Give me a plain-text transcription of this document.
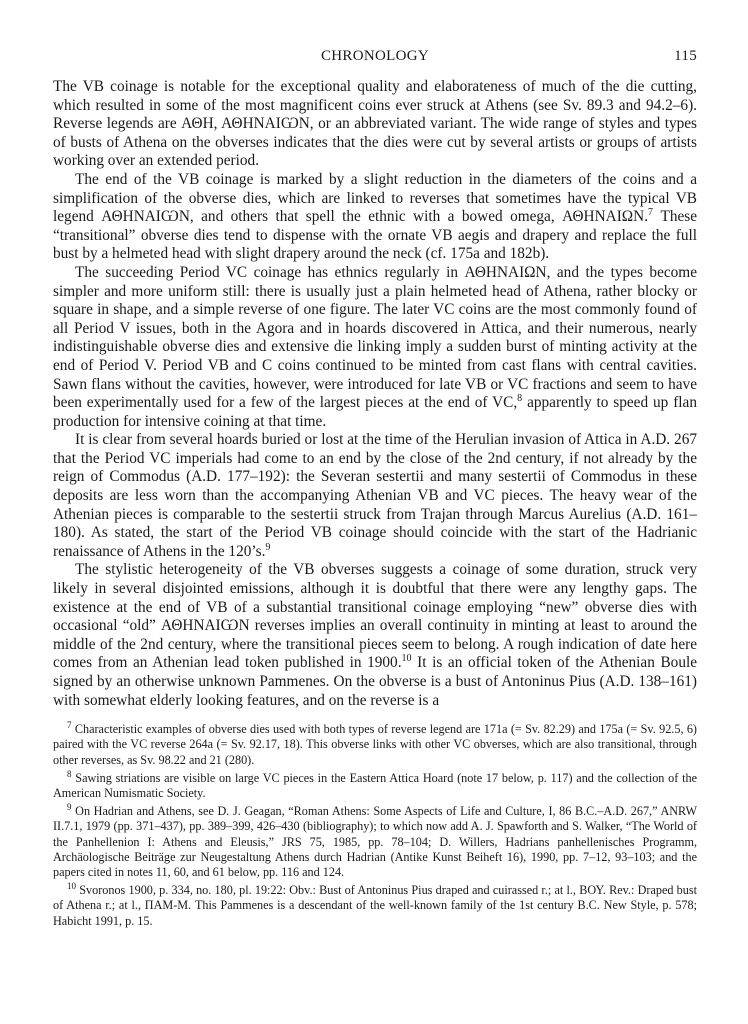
CHRONOLOGY	115

The VB coinage is notable for the exceptional quality and elaborateness of much of the die cutting, which resulted in some of the most magnificent coins ever struck at Athens (see Sv. 89.3 and 94.2–6). Reverse legends are ΑΘΗ, ΑΘΗΝΑΙѠΝ, or an abbreviated variant. The wide range of styles and types of busts of Athena on the obverses indicates that the dies were cut by several artists or groups of artists working over an extended period.

The end of the VB coinage is marked by a slight reduction in the diameters of the coins and a simplification of the obverse dies, which are linked to reverses that sometimes have the typical VB legend ΑΘΗΝΑΙѠΝ, and others that spell the ethnic with a bowed omega, ΑΘΗΝΑΙΩΝ.$^7$ These “transitional” obverse dies tend to dispense with the ornate VB aegis and drapery and replace the full bust by a helmeted head with slight drapery around the neck (cf. 175a and 182b).

The succeeding Period VC coinage has ethnics regularly in ΑΘΗΝΑΙΩΝ, and the types become simpler and more uniform still: there is usually just a plain helmeted head of Athena, rather blocky or square in shape, and a simple reverse of one figure. The later VC coins are the most commonly found of all Period V issues, both in the Agora and in hoards discovered in Attica, and their numerous, nearly indistinguishable obverse dies and extensive die linking imply a sudden burst of minting activity at the end of Period V. Period VB and C coins continued to be minted from cast flans with central cavities. Sawn flans without the cavities, however, were introduced for late VB or VC fractions and seem to have been experimentally used for a few of the largest pieces at the end of VC,$^8$ apparently to speed up flan production for intensive coining at that time.

It is clear from several hoards buried or lost at the time of the Herulian invasion of Attica in A.D. 267 that the Period VC imperials had come to an end by the close of the 2nd century, if not already by the reign of Commodus (A.D. 177–192): the Severan sestertii and many sestertii of Commodus in these deposits are less worn than the accompanying Athenian VB and VC pieces. The heavy wear of the Athenian pieces is comparable to the sestertii struck from Trajan through Marcus Aurelius (A.D. 161–180). As stated, the start of the Period VB coinage should coincide with the start of the Hadrianic renaissance of Athens in the 120’s.$^9$

The stylistic heterogeneity of the VB obverses suggests a coinage of some duration, struck very likely in several disjointed emissions, although it is doubtful that there were any lengthy gaps. The existence at the end of VB of a substantial transitional coinage employing “new” obverse dies with occasional “old” ΑΘΗΝΑΙѠΝ reverses implies an overall continuity in minting at least to around the middle of the 2nd century, where the transitional pieces seem to belong. A rough indication of date here comes from an Athenian lead token published in 1900.10 It is an official token of the Athenian Boule signed by an otherwise unknown Pammenes. On the obverse is a bust of Antoninus Pius (A.D. 138–161) with somewhat elderly looking features, and on the reverse is a

$^7$ Characteristic examples of obverse dies used with both types of reverse legend are 171a (= Sv. 82.29) and 175a (= Sv. 92.5, 6) paired with the VC reverse 264a (= Sv. 92.17, 18). This obverse links with other VC obverses, which are also transitional, through other reverses, as Sv. 98.22 and 21 (280).

$^8$ Sawing striations are visible on large VC pieces in the Eastern Attica Hoard (note 17 below, p. 117) and the collection of the American Numismatic Society.

$^9$ On Hadrian and Athens, see D. J. Geagan, “Roman Athens: Some Aspects of Life and Culture, I, 86 B.C.–A.D. 267,” ANRW II.7.1, 1979 (pp. 371–437), pp. 389–399, 426–430 (bibliography); to which now add A. J. Spawforth and S. Walker, “The World of the Panhellenion I: Athens and Eleusis,” JRS 75, 1985, pp. 78–104; D. Willers, Hadrians panhellenisches Programm, Archäologische Beiträge zur Neugestaltung Athens durch Hadrian (Antike Kunst Beiheft 16), 1990, pp. 7–12, 93–103; and the papers cited in notes 11, 60, and 61 below, pp. 116 and 124.

$^{10}$ Svoronos 1900, p. 334, no. 180, pl. 19:22: Obv.: Bust of Antoninus Pius draped and cuirassed r.; at l., ΒΟΥ. Rev.: Draped bust of Athena r.; at l., ΠΑΜ-Μ. This Pammenes is a descendant of the well-known family of the 1st century B.C. New Style, p. 578; Habicht 1991, p. 15.
